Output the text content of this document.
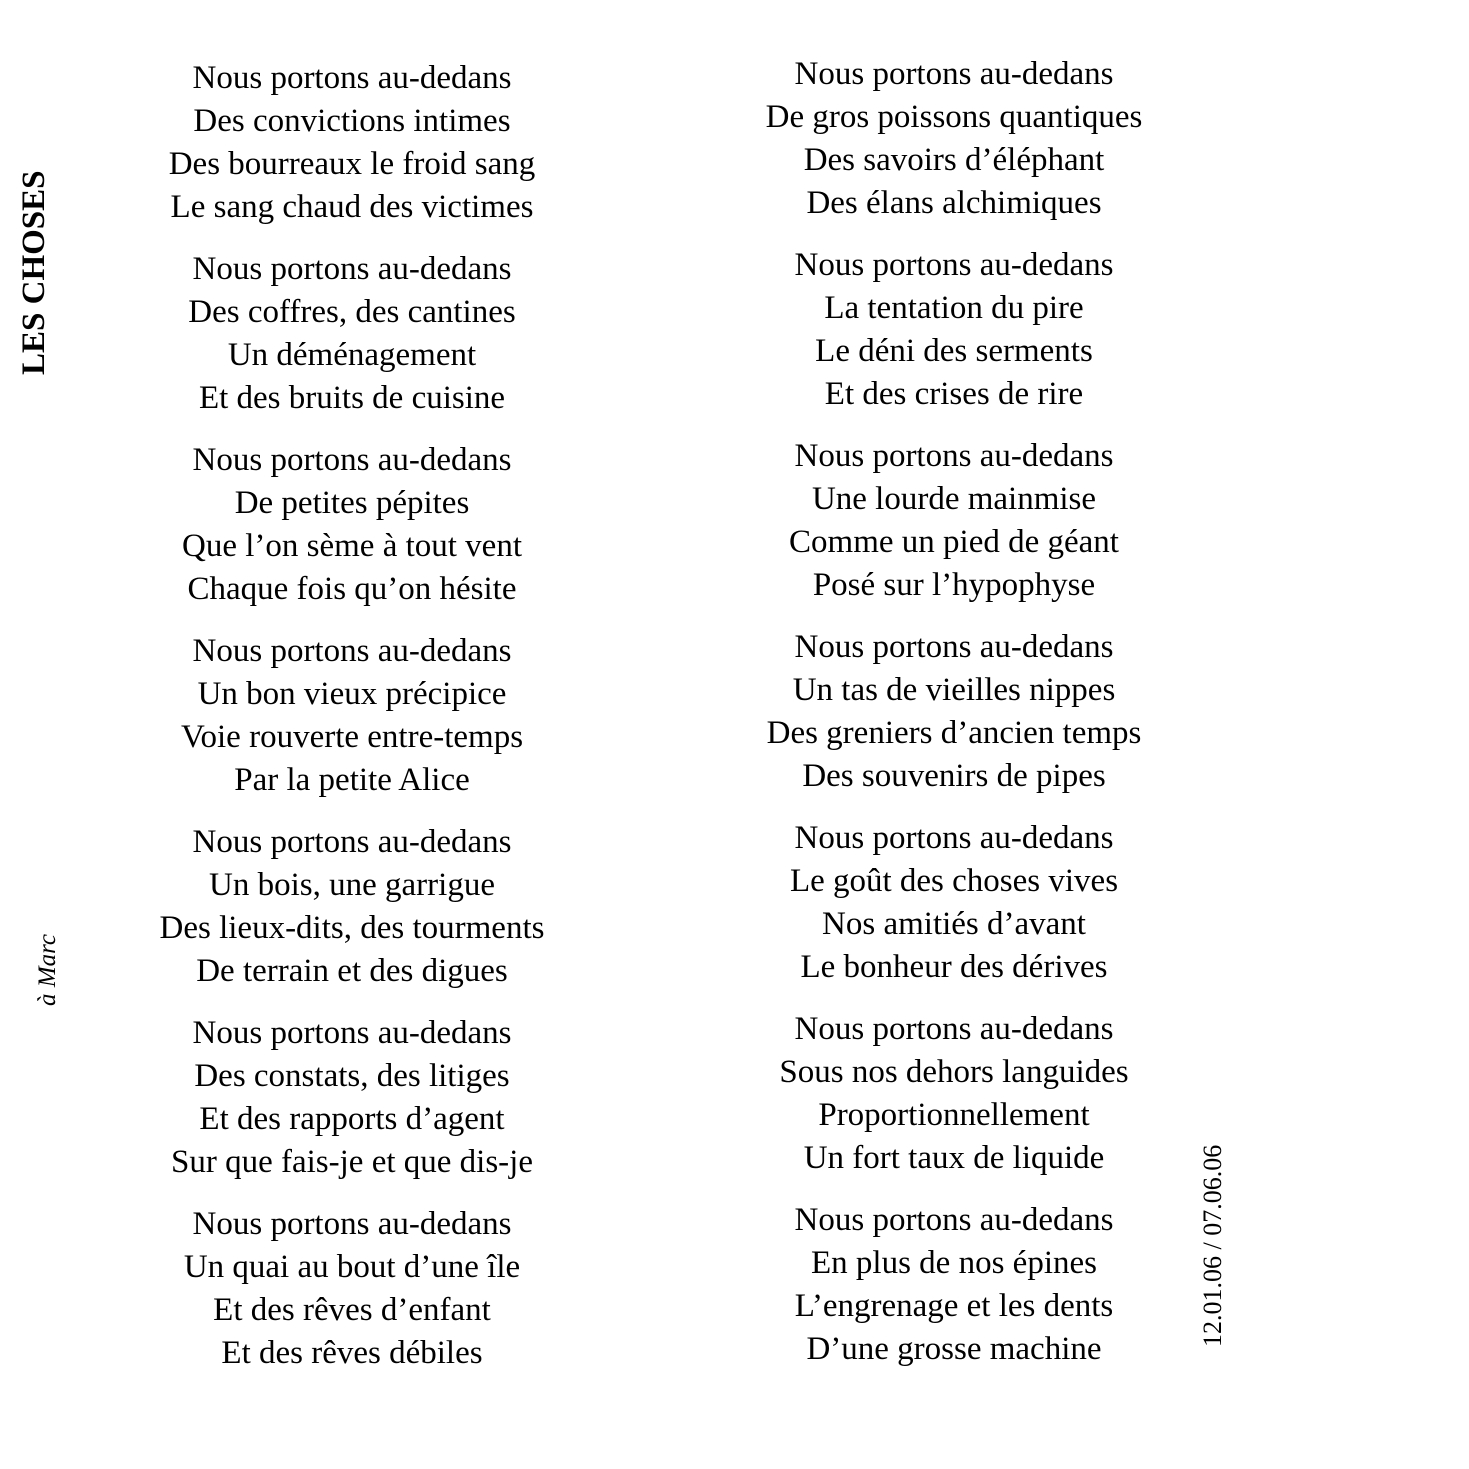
LES CHOSES
à Marc
12.01.06 / 07.06.06
Nous portons au-dedans
Des convictions intimes
Des bourreaux le froid sang
Le sang chaud des victimes
Nous portons au-dedans
Des coffres, des cantines
Un déménagement
Et des bruits de cuisine
Nous portons au-dedans
De petites pépites
Que l’on sème à tout vent
Chaque fois qu’on hésite
Nous portons au-dedans
Un bon vieux précipice
Voie rouverte entre-temps
Par la petite Alice
Nous portons au-dedans
Un bois, une garrigue
Des lieux-dits, des tourments
De terrain et des digues
Nous portons au-dedans
Des constats, des litiges
Et des rapports d’agent
Sur que fais-je et que dis-je
Nous portons au-dedans
Un quai au bout d’une île
Et des rêves d’enfant
Et des rêves débiles
Nous portons au-dedans
De gros poissons quantiques
Des savoirs d’éléphant
Des élans alchimiques
Nous portons au-dedans
La tentation du pire
Le déni des serments
Et des crises de rire
Nous portons au-dedans
Une lourde mainmise
Comme un pied de géant
Posé sur l’hypophyse
Nous portons au-dedans
Un tas de vieilles nippes
Des greniers d’ancien temps
Des souvenirs de pipes
Nous portons au-dedans
Le goût des choses vives
Nos amitiés d’avant
Le bonheur des dérives
Nous portons au-dedans
Sous nos dehors languides
Proportionnellement
Un fort taux de liquide
Nous portons au-dedans
En plus de nos épines
L’engrenage et les dents
D’une grosse machine
